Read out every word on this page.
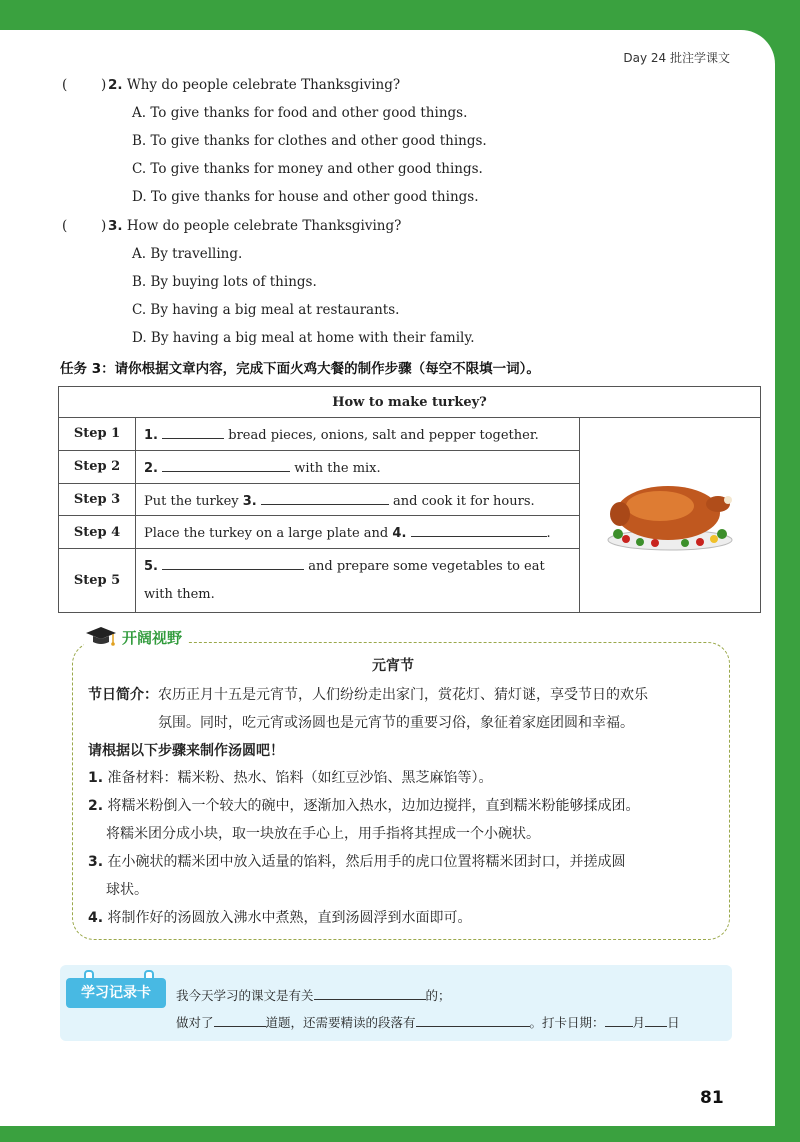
Day 24 批注学课文
( ) 2. Why do people celebrate Thanksgiving?
A. To give thanks for food and other good things.
B. To give thanks for clothes and other good things.
C. To give thanks for money and other good things.
D. To give thanks for house and other good things.
( ) 3. How do people celebrate Thanksgiving?
A. By travelling.
B. By buying lots of things.
C. By having a big meal at restaurants.
D. By having a big meal at home with their family.
任务 3：请你根据文章内容，完成下面火鸡大餐的制作步骤（每空不限填一词）。
How to make turkey?		
Step 1	1. bread pieces, onions, salt and pepper together.	
Step 2	2. with the mix.	
Step 3	Put the turkey 3. and cook it for hours.	
Step 4	Place the turkey on a large plate and 4. .	
Step 5	5. and prepare some vegetables to eat
with them.	
开阔视野
元宵节
节日简介：农历正月十五是元宵节，人们纷纷走出家门，赏花灯、猜灯谜，享受节日的欢乐
氛围。同时，吃元宵或汤圆也是元宵节的重要习俗，象征着家庭团圆和幸福。
请根据以下步骤来制作汤圆吧！
1. 准备材料：糯米粉、热水、馅料（如红豆沙馅、黑芝麻馅等）。
2. 将糯米粉倒入一个较大的碗中，逐渐加入热水，边加边搅拌，直到糯米粉能够揉成团。
将糯米团分成小块，取一块放在手心上，用手指将其捏成一个小碗状。
3. 在小碗状的糯米团中放入适量的馅料，然后用手的虎口位置将糯米团封口，并搓成圆
球状。
4. 将制作好的汤圆放入沸水中煮熟，直到汤圆浮到水面即可。
学习记录卡	我今天学习的课文是有关	的；
做对了	道题，还需要精读的段落有	。打卡日期： 月 日
81
